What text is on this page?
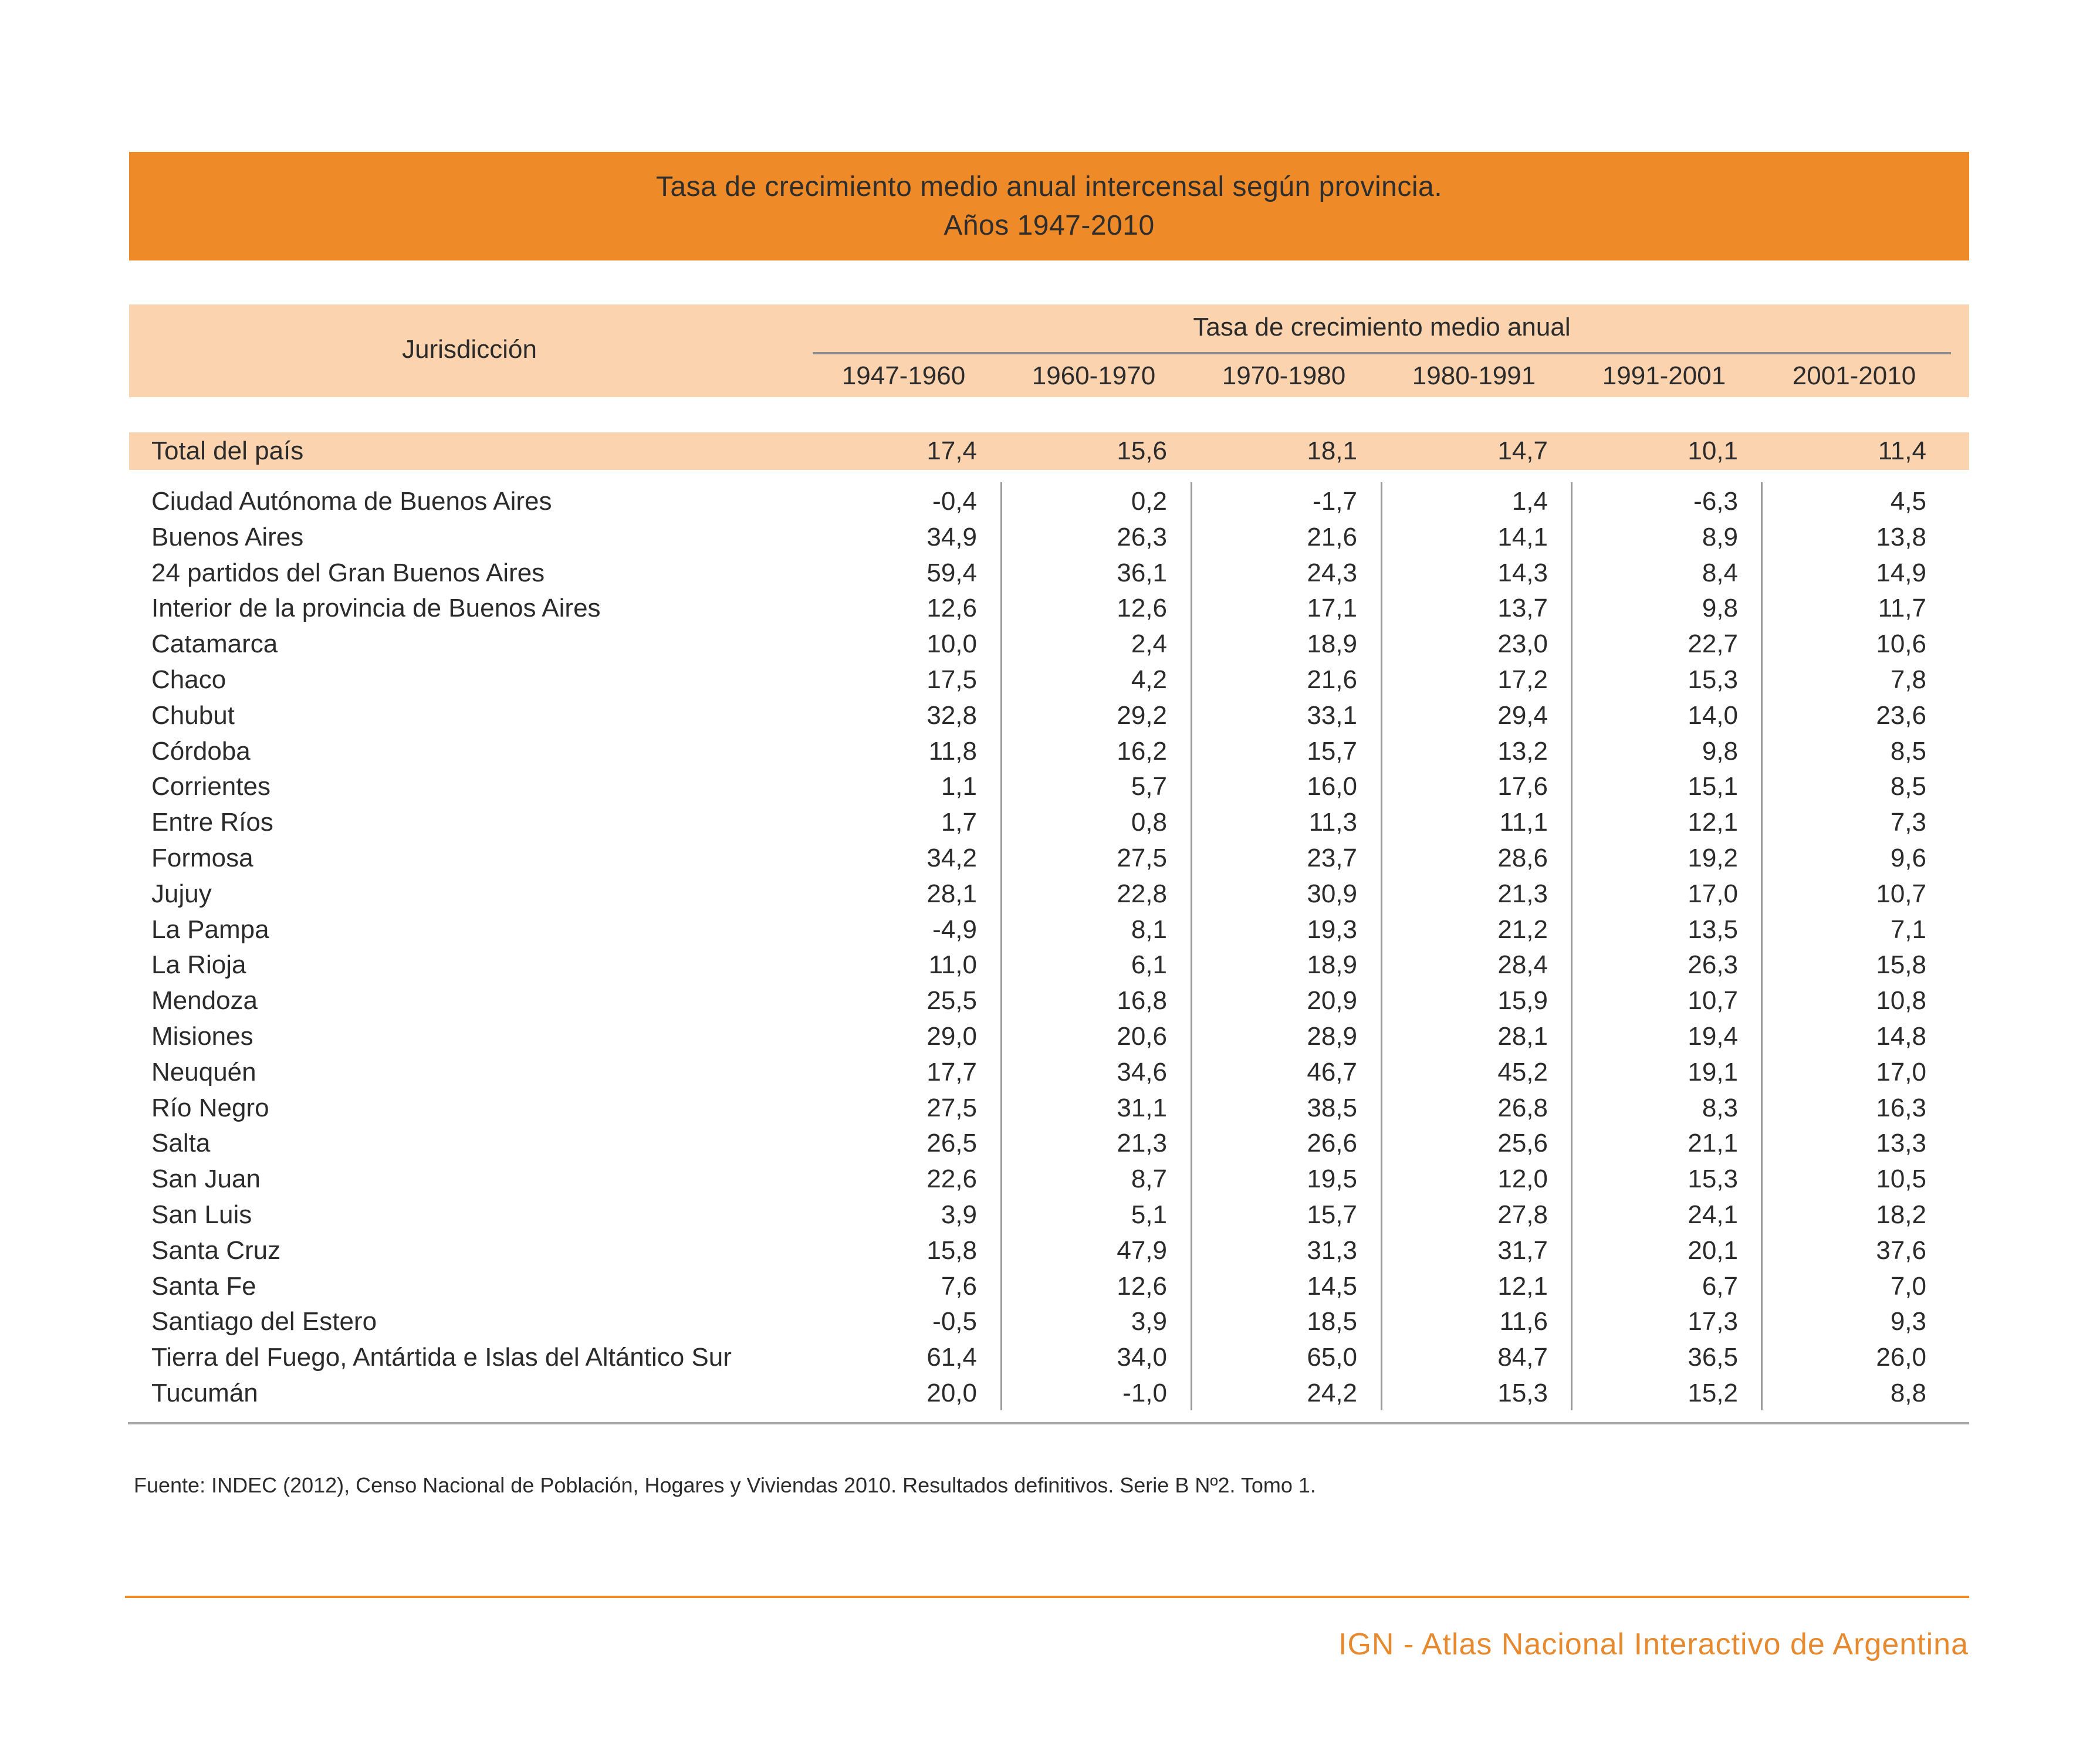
Tasa de crecimiento medio anual intercensal según provincia.
Años 1947-2010
Jurisdicción
Tasa de crecimiento medio anual
1947-1960	1960-1970	1970-1980	1980-1991	1991-2001	2001-2010
Total del país	17,4	15,6	18,1	14,7	10,1	11,4
Ciudad Autónoma de Buenos Aires	-0,4	0,2	-1,7	1,4	-6,3	4,5
Buenos Aires	34,9	26,3	21,6	14,1	8,9	13,8
24 partidos del Gran Buenos Aires	59,4	36,1	24,3	14,3	8,4	14,9
Interior de la provincia de Buenos Aires	12,6	12,6	17,1	13,7	9,8	11,7
Catamarca	10,0	2,4	18,9	23,0	22,7	10,6
Chaco	17,5	4,2	21,6	17,2	15,3	7,8
Chubut	32,8	29,2	33,1	29,4	14,0	23,6
Córdoba	11,8	16,2	15,7	13,2	9,8	8,5
Corrientes	1,1	5,7	16,0	17,6	15,1	8,5
Entre Ríos	1,7	0,8	11,3	11,1	12,1	7,3
Formosa	34,2	27,5	23,7	28,6	19,2	9,6
Jujuy	28,1	22,8	30,9	21,3	17,0	10,7
La Pampa	-4,9	8,1	19,3	21,2	13,5	7,1
La Rioja	11,0	6,1	18,9	28,4	26,3	15,8
Mendoza	25,5	16,8	20,9	15,9	10,7	10,8
Misiones	29,0	20,6	28,9	28,1	19,4	14,8
Neuquén	17,7	34,6	46,7	45,2	19,1	17,0
Río Negro	27,5	31,1	38,5	26,8	8,3	16,3
Salta	26,5	21,3	26,6	25,6	21,1	13,3
San Juan	22,6	8,7	19,5	12,0	15,3	10,5
San Luis	3,9	5,1	15,7	27,8	24,1	18,2
Santa Cruz	15,8	47,9	31,3	31,7	20,1	37,6
Santa Fe	7,6	12,6	14,5	12,1	6,7	7,0
Santiago del Estero	-0,5	3,9	18,5	11,6	17,3	9,3
Tierra del Fuego, Antártida e Islas del Altántico Sur	61,4	34,0	65,0	84,7	36,5	26,0
Tucumán	20,0	-1,0	24,2	15,3	15,2	8,8
Fuente: INDEC (2012), Censo Nacional de Población, Hogares y Viviendas 2010. Resultados definitivos. Serie B Nº2. Tomo 1.
IGN - Atlas Nacional Interactivo de Argentina
